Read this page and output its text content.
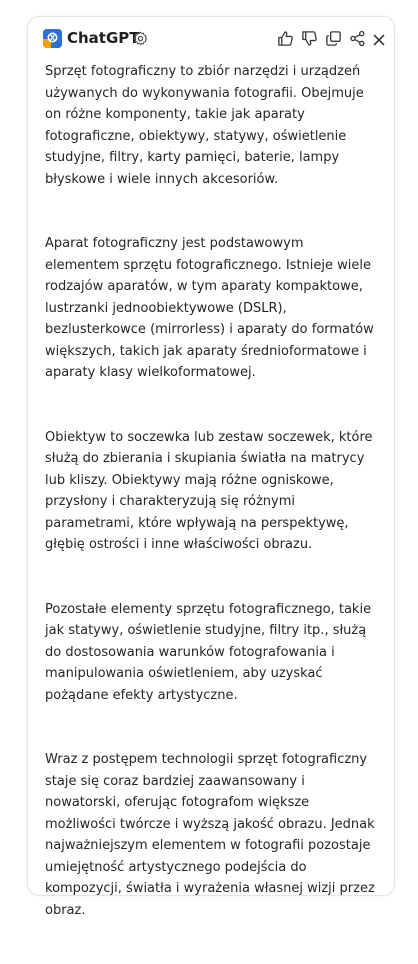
ChatGPT

Sprzęt fotograficzny to zbiór narzędzi i urządzeń używanych do wykonywania fotografii. Obejmuje on różne komponenty, takie jak aparaty fotograficzne, obiektywy, statywy, oświetlenie studyjne, filtry, karty pamięci, baterie, lampy błyskowe i wiele innych akcesoriów.

Aparat fotograficzny jest podstawowym elementem sprzętu fotograficznego. Istnieje wiele rodzajów aparatów, w tym aparaty kompaktowe, lustrzanki jednoobiektywowe (DSLR), bezlusterkowce (mirrorless) i aparaty do formatów większych, takich jak aparaty średnioformatowe i aparaty klasy wielkoformatowej.

Obiektyw to soczewka lub zestaw soczewek, które służą do zbierania i skupiania światła na matrycy lub kliszy. Obiektywy mają różne ogniskowe, przysłony i charakteryzują się różnymi parametrami, które wpływają na perspektywę, głębię ostrości i inne właściwości obrazu.

Pozostałe elementy sprzętu fotograficznego, takie jak statywy, oświetlenie studyjne, filtry itp., służą do dostosowania warunków fotografowania i manipulowania oświetleniem, aby uzyskać pożądane efekty artystyczne.

Wraz z postępem technologii sprzęt fotograficzny staje się coraz bardziej zaawansowany i nowatorski, oferując fotografom większe możliwości twórcze i wyższą jakość obrazu. Jednak najważniejszym elementem w fotografii pozostaje umiejętność artystycznego podejścia do kompozycji, światła i wyrażenia własnej wizji przez obraz.
